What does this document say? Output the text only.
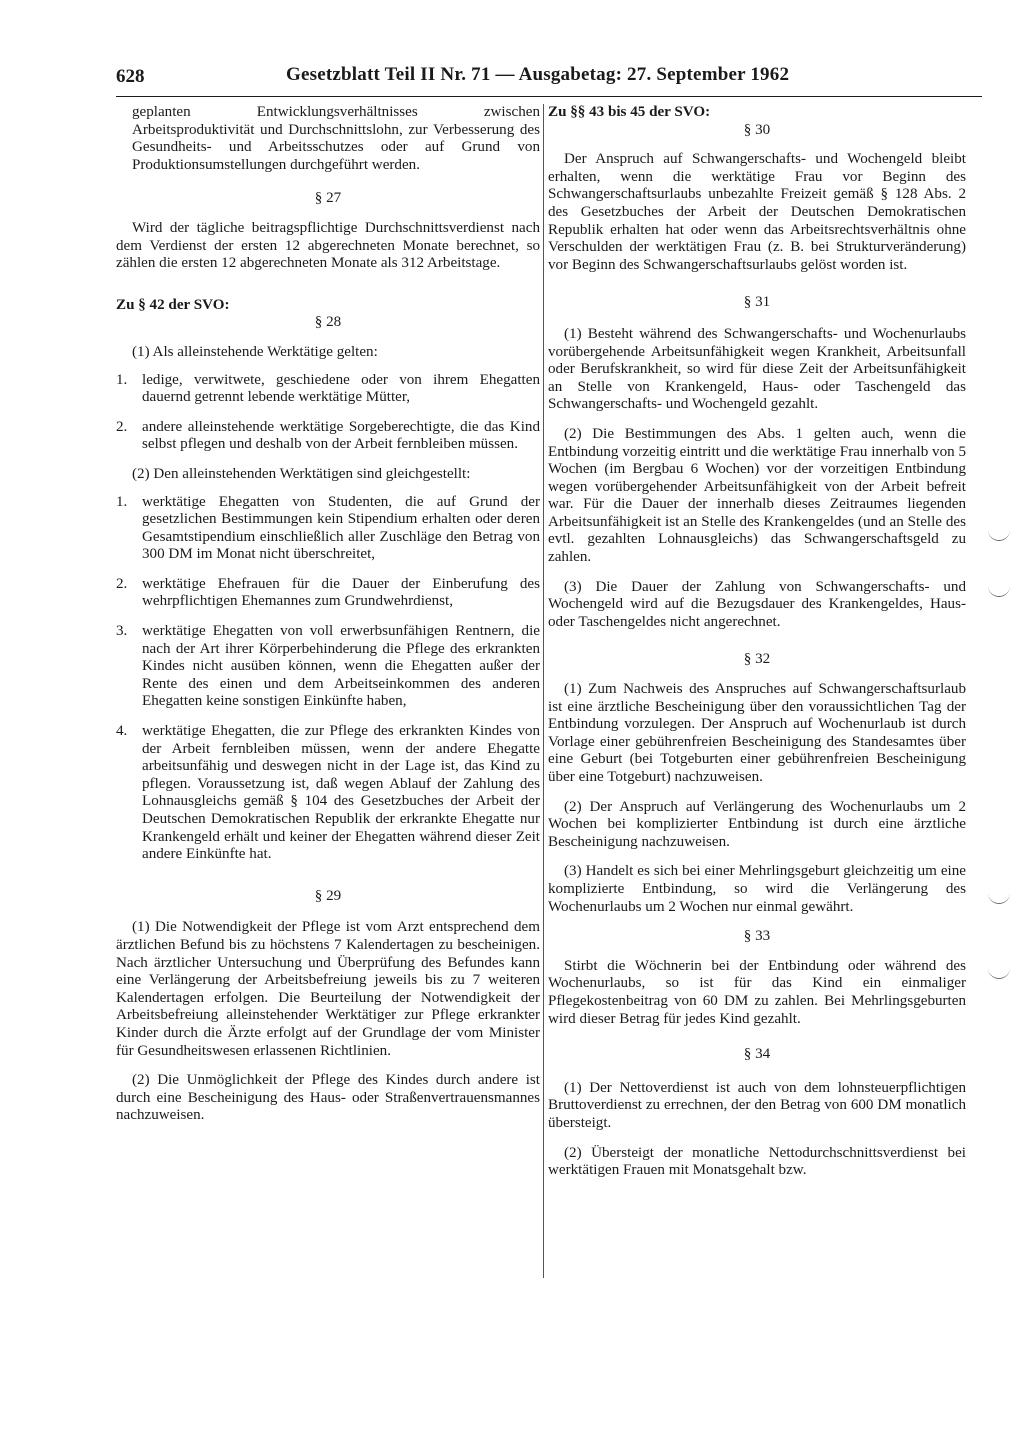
628	Gesetzblatt Teil II Nr. 71 — Ausgabetag: 27. September 1962

geplanten Entwicklungsverhältnisses zwischen Arbeitsproduktivität und Durchschnittslohn, zur Verbesserung des Gesundheits- und Arbeitsschutzes oder auf Grund von Produktionsumstellungen durchgeführt werden.

§ 27

Wird der tägliche beitragspflichtige Durchschnittsverdienst nach dem Verdienst der ersten 12 abgerechneten Monate berechnet, so zählen die ersten 12 abgerechneten Monate als 312 Arbeitstage.

Zu § 42 der SVO:

§ 28

(1) Als alleinstehende Werktätige gelten:

1. ledige, verwitwete, geschiedene oder von ihrem Ehegatten dauernd getrennt lebende werktätige Mütter,
2. andere alleinstehende werktätige Sorgeberechtigte, die das Kind selbst pflegen und deshalb von der Arbeit fernbleiben müssen.

(2) Den alleinstehenden Werktätigen sind gleichgestellt:

1. werktätige Ehegatten von Studenten, die auf Grund der gesetzlichen Bestimmungen kein Stipendium erhalten oder deren Gesamtstipendium einschließlich aller Zuschläge den Betrag von 300 DM im Monat nicht überschreitet,
2. werktätige Ehefrauen für die Dauer der Einberufung des wehrpflichtigen Ehemannes zum Grundwehrdienst,
3. werktätige Ehegatten von voll erwerbsunfähigen Rentnern, die nach der Art ihrer Körperbehinderung die Pflege des erkrankten Kindes nicht ausüben können, wenn die Ehegatten außer der Rente des einen und dem Arbeitseinkommen des anderen Ehegatten keine sonstigen Einkünfte haben,
4. werktätige Ehegatten, die zur Pflege des erkrankten Kindes von der Arbeit fernbleiben müssen, wenn der andere Ehegatte arbeitsunfähig und deswegen nicht in der Lage ist, das Kind zu pflegen. Voraussetzung ist, daß wegen Ablauf der Zahlung des Lohnausgleichs gemäß § 104 des Gesetzbuches der Arbeit der Deutschen Demokratischen Republik der erkrankte Ehegatte nur Krankengeld erhält und keiner der Ehegatten während dieser Zeit andere Einkünfte hat.

§ 29

(1) Die Notwendigkeit der Pflege ist vom Arzt entsprechend dem ärztlichen Befund bis zu höchstens 7 Kalendertagen zu bescheinigen. Nach ärztlicher Untersuchung und Überprüfung des Befundes kann eine Verlängerung der Arbeitsbefreiung jeweils bis zu 7 weiteren Kalendertagen erfolgen. Die Beurteilung der Notwendigkeit der Arbeitsbefreiung alleinstehender Werktätiger zur Pflege erkrankter Kinder durch die Ärzte erfolgt auf der Grundlage der vom Minister für Gesundheitswesen erlassenen Richtlinien.

(2) Die Unmöglichkeit der Pflege des Kindes durch andere ist durch eine Bescheinigung des Haus- oder Straßenvertrauensmannes nachzuweisen.

Zu §§ 43 bis 45 der SVO:

§ 30

Der Anspruch auf Schwangerschafts- und Wochengeld bleibt erhalten, wenn die werktätige Frau vor Beginn des Schwangerschaftsurlaubs unbezahlte Freizeit gemäß § 128 Abs. 2 des Gesetzbuches der Arbeit der Deutschen Demokratischen Republik erhalten hat oder wenn das Arbeitsrechtsverhältnis ohne Verschulden der werktätigen Frau (z. B. bei Strukturveränderung) vor Beginn des Schwangerschaftsurlaubs gelöst worden ist.

§ 31

(1) Besteht während des Schwangerschafts- und Wochenurlaubs vorübergehende Arbeitsunfähigkeit wegen Krankheit, Arbeitsunfall oder Berufskrankheit, so wird für diese Zeit der Arbeitsunfähigkeit an Stelle von Krankengeld, Haus- oder Taschengeld das Schwangerschafts- und Wochengeld gezahlt.

(2) Die Bestimmungen des Abs. 1 gelten auch, wenn die Entbindung vorzeitig eintritt und die werktätige Frau innerhalb von 5 Wochen (im Bergbau 6 Wochen) vor der vorzeitigen Entbindung wegen vorübergehender Arbeitsunfähigkeit von der Arbeit befreit war. Für die Dauer der innerhalb dieses Zeitraumes liegenden Arbeitsunfähigkeit ist an Stelle des Krankengeldes (und an Stelle des evtl. gezahlten Lohnausgleichs) das Schwangerschaftsgeld zu zahlen.

(3) Die Dauer der Zahlung von Schwangerschafts- und Wochengeld wird auf die Bezugsdauer des Krankengeldes, Haus- oder Taschengeldes nicht angerechnet.

§ 32

(1) Zum Nachweis des Anspruches auf Schwangerschaftsurlaub ist eine ärztliche Bescheinigung über den voraussichtlichen Tag der Entbindung vorzulegen. Der Anspruch auf Wochenurlaub ist durch Vorlage einer gebührenfreien Bescheinigung des Standesamtes über eine Geburt (bei Totgeburten einer gebührenfreien Bescheinigung über eine Totgeburt) nachzuweisen.

(2) Der Anspruch auf Verlängerung des Wochenurlaubs um 2 Wochen bei komplizierter Entbindung ist durch eine ärztliche Bescheinigung nachzuweisen.

(3) Handelt es sich bei einer Mehrlingsgeburt gleichzeitig um eine komplizierte Entbindung, so wird die Verlängerung des Wochenurlaubs um 2 Wochen nur einmal gewährt.

§ 33

Stirbt die Wöchnerin bei der Entbindung oder während des Wochenurlaubs, so ist für das Kind ein einmaliger Pflegekostenbeitrag von 60 DM zu zahlen. Bei Mehrlingsgeburten wird dieser Betrag für jedes Kind gezahlt.

§ 34

(1) Der Nettoverdienst ist auch von dem lohnsteuerpflichtigen Bruttoverdienst zu errechnen, der den Betrag von 600 DM monatlich übersteigt.

(2) Übersteigt der monatliche Nettodurchschnittsverdienst bei werktätigen Frauen mit Monatsgehalt bzw.
